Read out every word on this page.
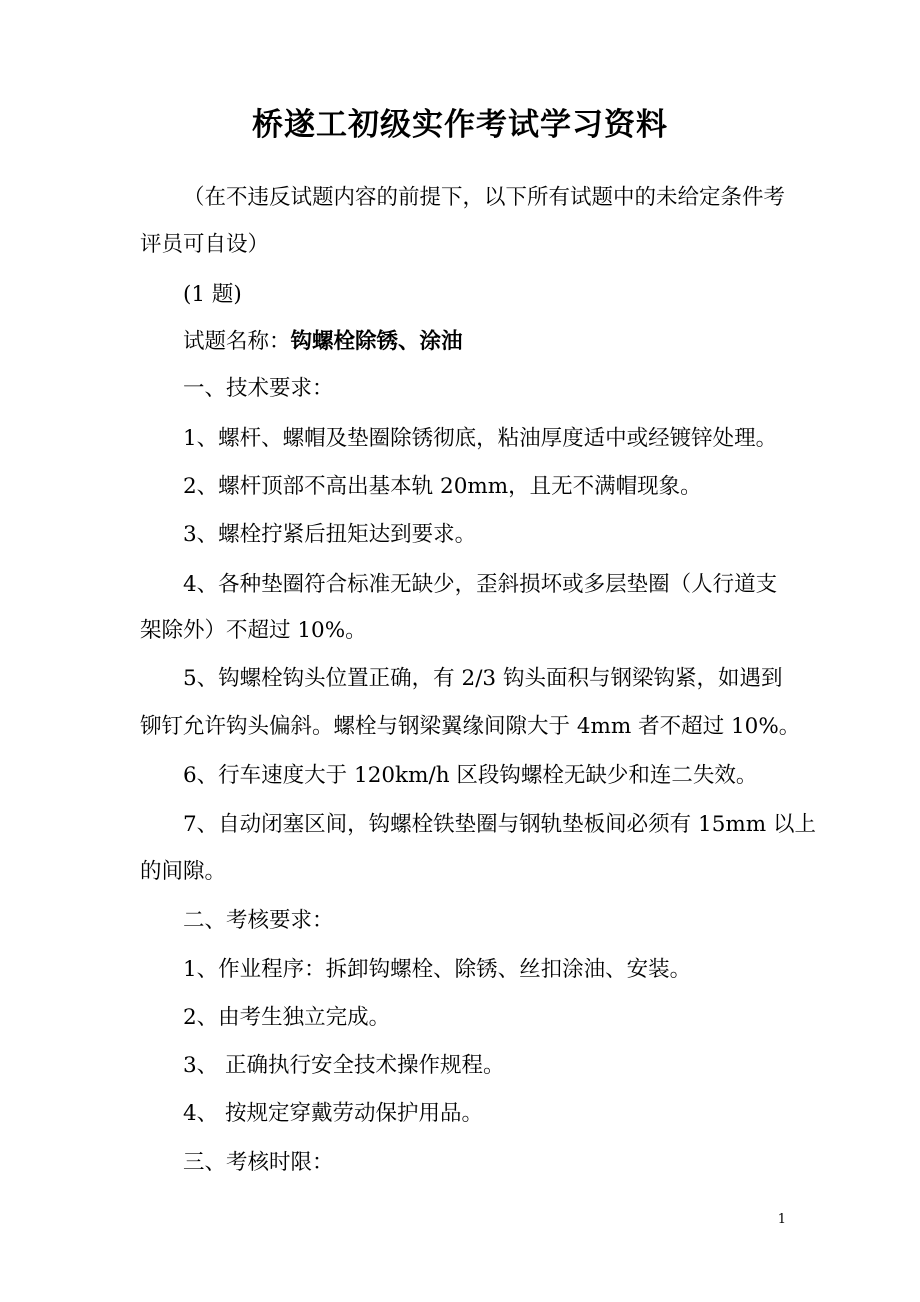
桥遂工初级实作考试学习资料

（在不违反试题内容的前提下，以下所有试题中的未给定条件考

评员可自设）

(1 题)

试题名称：钩螺栓除锈、涂油

一、技术要求：

1、螺杆、螺帽及垫圈除锈彻底，粘油厚度适中或经镀锌处理。

2、螺杆顶部不高出基本轨 20mm，且无不满帽现象。

3、螺栓拧紧后扭矩达到要求。

4、各种垫圈符合标准无缺少，歪斜损坏或多层垫圈（人行道支

架除外）不超过 10%。

5、钩螺栓钩头位置正确，有 2/3 钩头面积与钢梁钩紧，如遇到

铆钉允许钩头偏斜。螺栓与钢梁翼缘间隙大于 4mm 者不超过 10%。

6、行车速度大于 120km/h 区段钩螺栓无缺少和连二失效。

7、自动闭塞区间，钩螺栓铁垫圈与钢轨垫板间必须有 15mm 以上

的间隙。

二、考核要求：

1、作业程序：拆卸钩螺栓、除锈、丝扣涂油、安装。

2、由考生独立完成。

3、 正确执行安全技术操作规程。

4、 按规定穿戴劳动保护用品。

三、考核时限：

1
